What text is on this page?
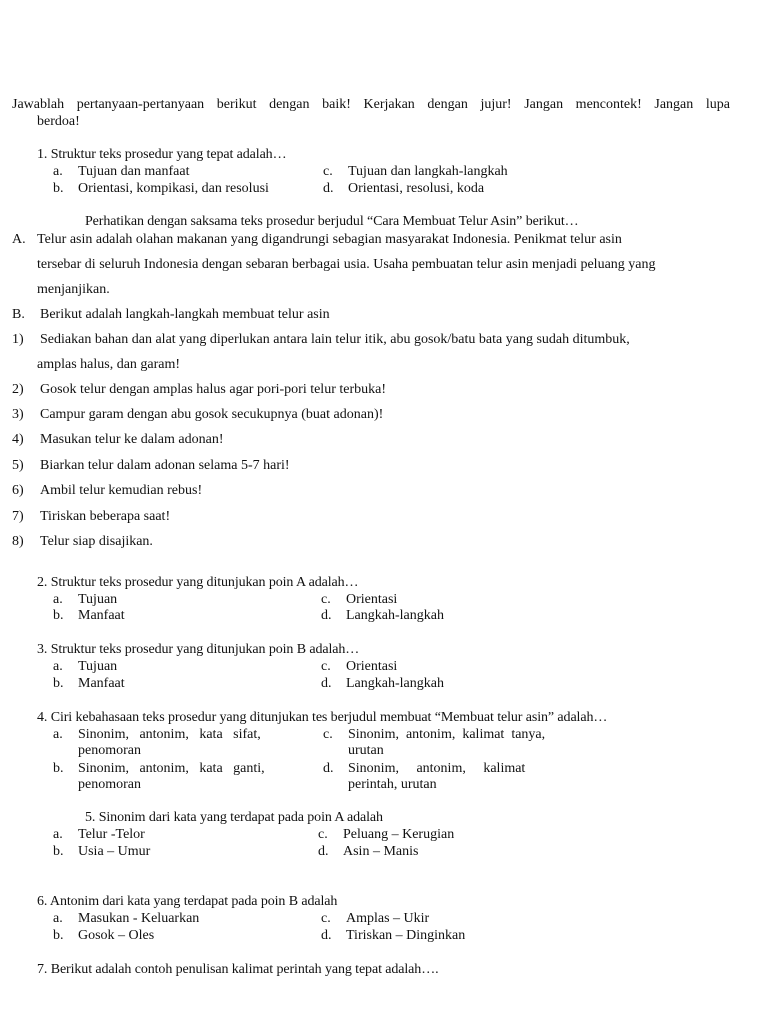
Jawablah pertanyaan-pertanyaan berikut dengan baik! Kerjakan dengan jujur! Jangan mencontek! Jangan lupa
berdoa!
1. Struktur teks prosedur yang tepat adalah…
a. Tujuan dan manfaat
b. Orientasi, kompikasi, dan resolusi
c. Tujuan dan langkah-langkah
d. Orientasi, resolusi, koda
Perhatikan dengan saksama teks prosedur berjudul “Cara Membuat Telur Asin” berikut…
A. Telur asin adalah olahan makanan yang digandrungi sebagian masyarakat Indonesia. Penikmat telur asin
tersebar di seluruh Indonesia dengan sebaran berbagai usia. Usaha pembuatan telur asin menjadi peluang yang
menjanjikan.
B. Berikut adalah langkah-langkah membuat telur asin
1) Sediakan bahan dan alat yang diperlukan antara lain telur itik, abu gosok/batu bata yang sudah ditumbuk,
amplas halus, dan garam!
2) Gosok telur dengan amplas halus agar pori-pori telur terbuka!
3) Campur garam dengan abu gosok secukupnya (buat adonan)!
4) Masukan telur ke dalam adonan!
5) Biarkan telur dalam adonan selama 5-7 hari!
6) Ambil telur kemudian rebus!
7) Tiriskan beberapa saat!
8) Telur siap disajikan.
2. Struktur teks prosedur yang ditunjukan poin A adalah…
a. Tujuan
b. Manfaat
c. Orientasi
d. Langkah-langkah
3. Struktur teks prosedur yang ditunjukan poin B adalah…
a. Tujuan
b. Manfaat
c. Orientasi
d. Langkah-langkah
4. Ciri kebahasaan teks prosedur yang ditunjukan tes berjudul membuat “Membuat telur asin” adalah…
a. Sinonim,   antonim,   kata   sifat,
penomoran
b. Sinonim,   antonim,   kata   ganti,
penomoran
c. Sinonim,  antonim,  kalimat  tanya,
urutan
d. Sinonim,     antonim,     kalimat
perintah, urutan
5. Sinonim dari kata yang terdapat pada poin A adalah
a. Telur -Telor
b. Usia – Umur
c. Peluang – Kerugian
d. Asin – Manis
6. Antonim dari kata yang terdapat pada poin B adalah
a. Masukan - Keluarkan
b. Gosok – Oles
c. Amplas – Ukir
d. Tiriskan – Dinginkan
7. Berikut adalah contoh penulisan kalimat perintah yang tepat adalah….
